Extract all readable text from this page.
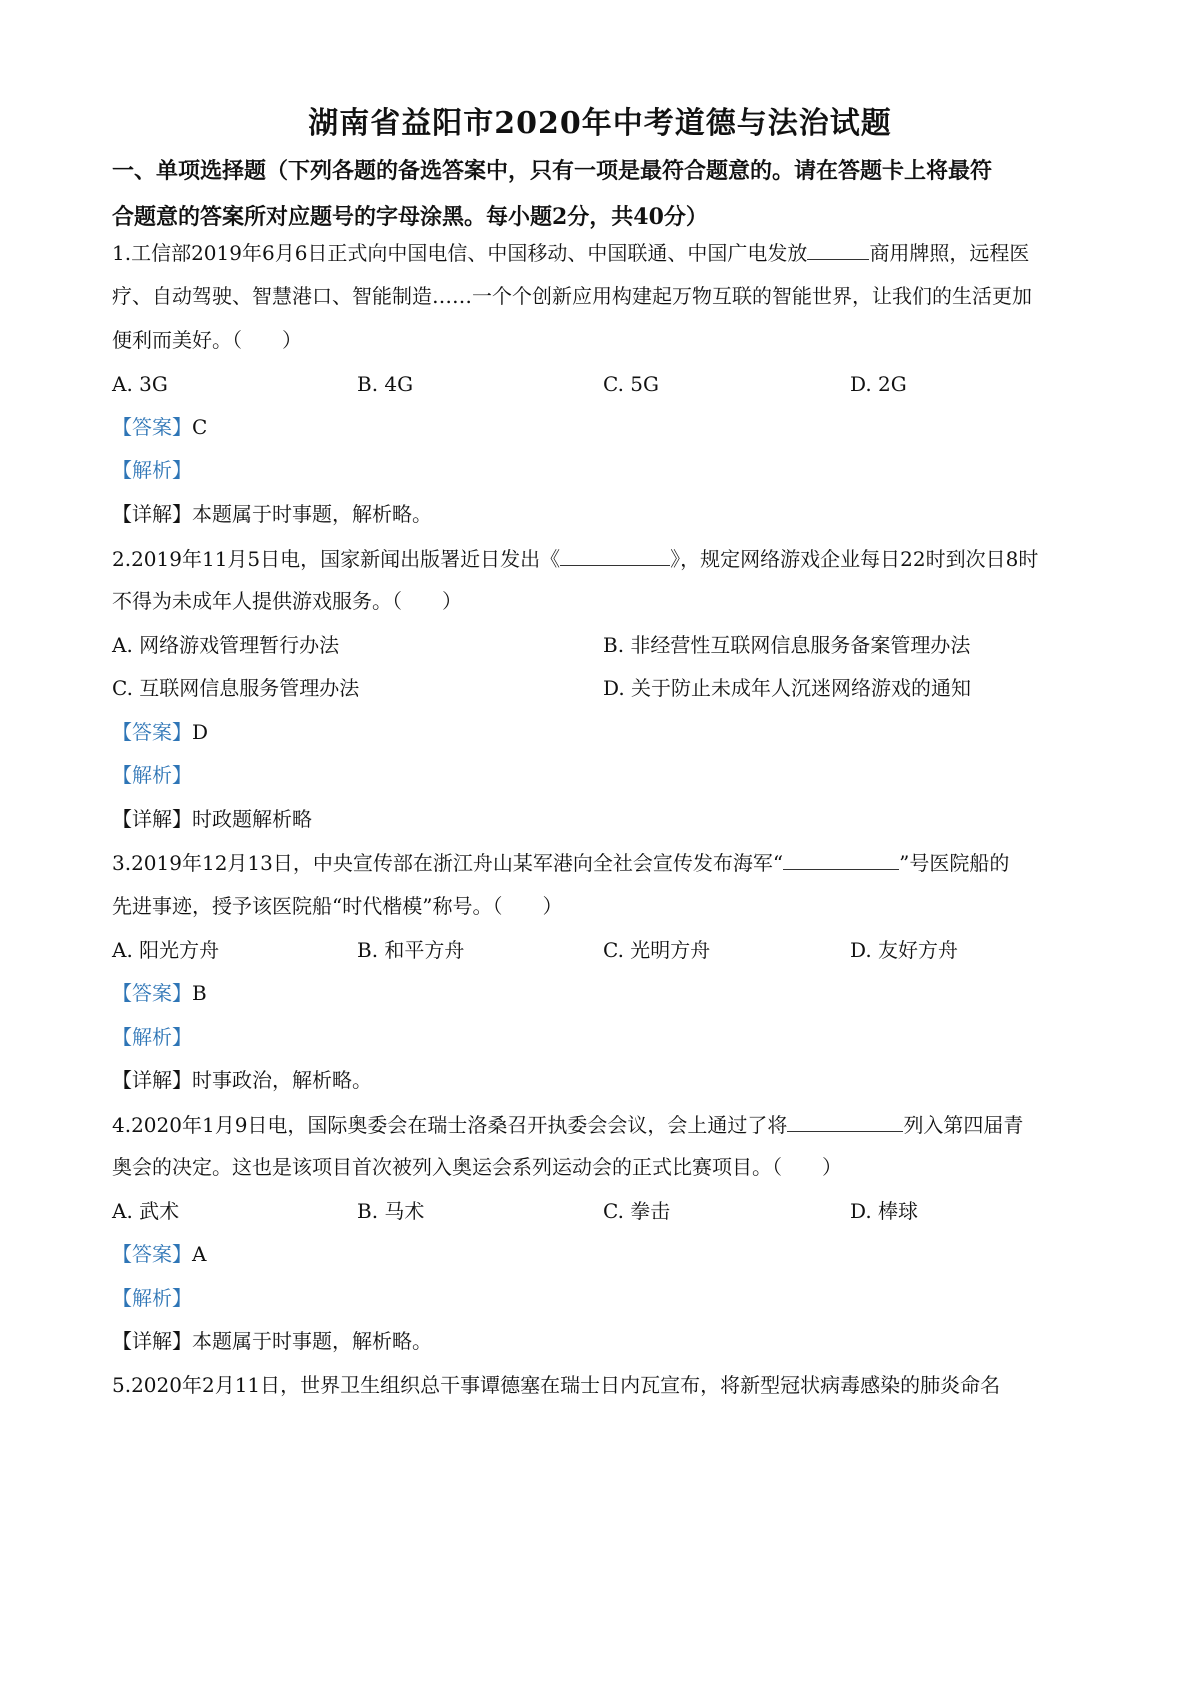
湖南省益阳市2020年中考道德与法治试题
一、单项选择题（下列各题的备选答案中，只有一项是最符合题意的。请在答题卡上将最符
合题意的答案所对应题号的字母涂黑。每小题2分，共40分）
1.工信部2019年6月6日正式向中国电信、中国移动、中国联通、中国广电发放	商用牌照，远程医
疗、自动驾驶、智慧港口、智能制造……一个个创新应用构建起万物互联的智能世界，让我们的生活更加
便利而美好。（　　）
A. 3G	B. 4G	C. 5G	D. 2G
【答案】C
【解析】
【详解】本题属于时事题，解析略。
2.2019年11月5日电，国家新闻出版署近日发出《	》，规定网络游戏企业每日22时到次日8时
不得为未成年人提供游戏服务。（　　）
A. 网络游戏管理暂行办法	B. 非经营性互联网信息服务备案管理办法
C. 互联网信息服务管理办法	D. 关于防止未成年人沉迷网络游戏的通知
【答案】D
【解析】
【详解】时政题解析略
3.2019年12月13日，中央宣传部在浙江舟山某军港向全社会宣传发布海军“	”号医院船的
先进事迹，授予该医院船“时代楷模”称号。（　　）
A. 阳光方舟	B. 和平方舟	C. 光明方舟	D. 友好方舟
【答案】B
【解析】
【详解】时事政治，解析略。
4.2020年1月9日电，国际奥委会在瑞士洛桑召开执委会会议，会上通过了将	列入第四届青
奥会的决定。这也是该项目首次被列入奥运会系列运动会的正式比赛项目。（　　）
A. 武术	B. 马术	C. 拳击	D. 棒球
【答案】A
【解析】
【详解】本题属于时事题，解析略。
5.2020年2月11日，世界卫生组织总干事谭德塞在瑞士日内瓦宣布，将新型冠状病毒感染的肺炎命名
